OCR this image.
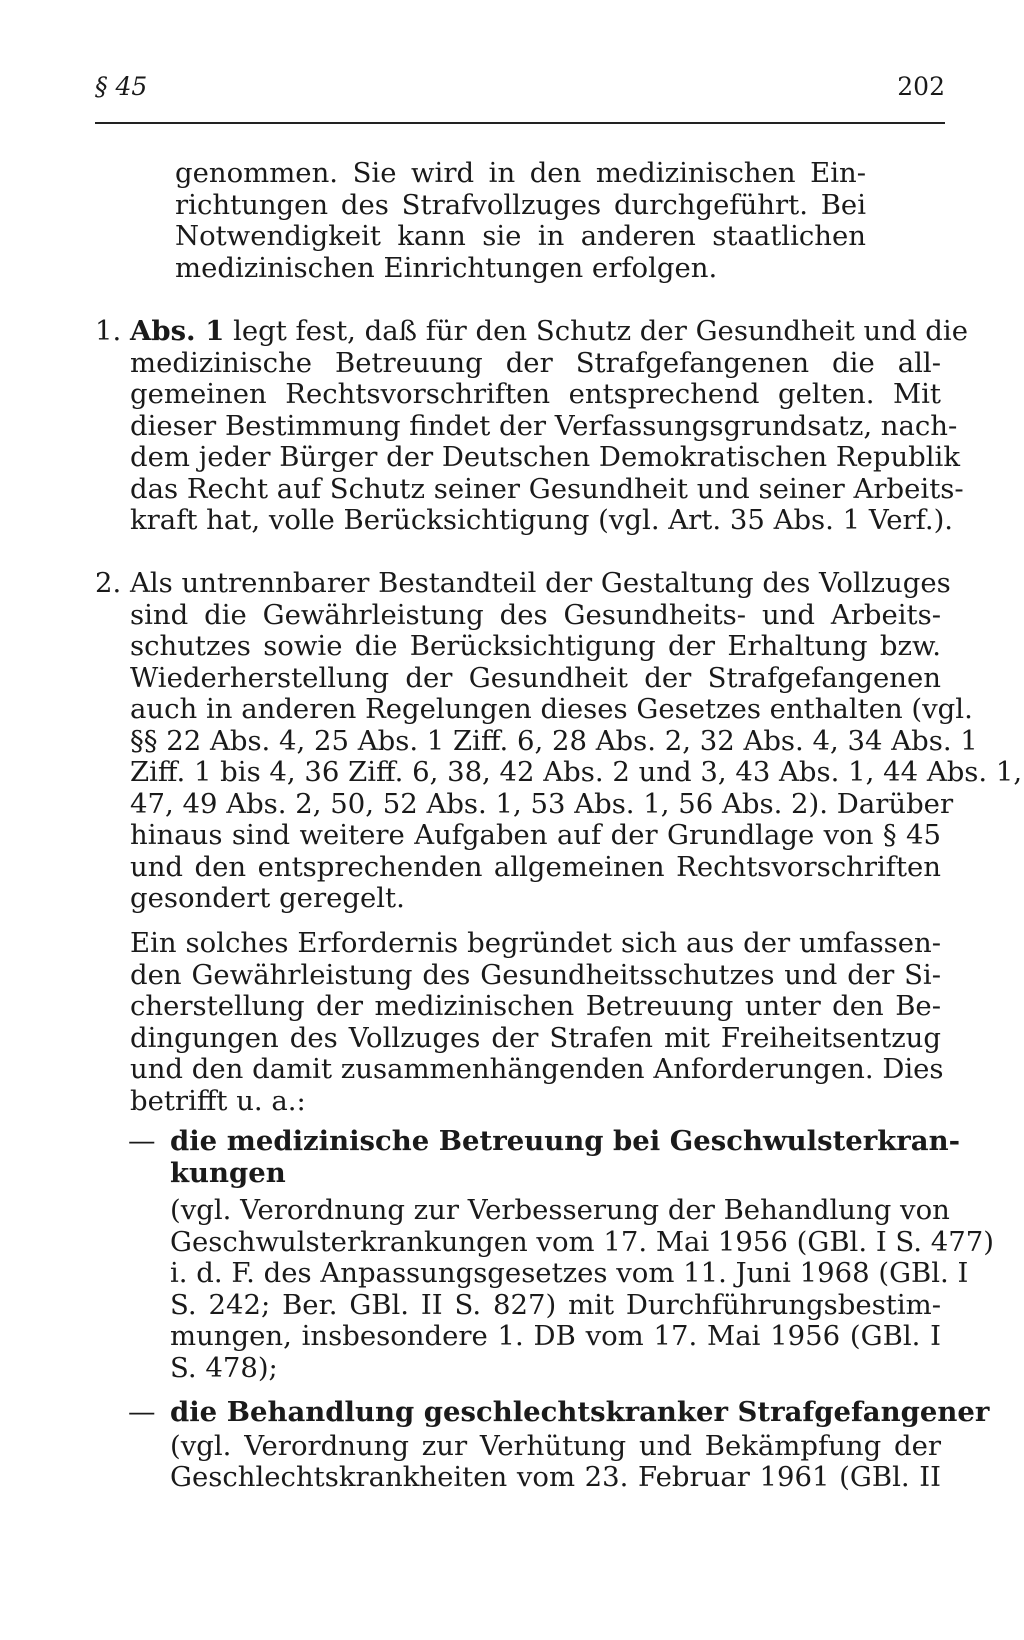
§ 45	202
genommen. Sie wird in den medizinischen Ein-
richtungen des Strafvollzuges durchgeführt. Bei
Notwendigkeit kann sie in anderen staatlichen
medizinischen Einrichtungen erfolgen.
1. Abs. 1 legt fest, daß für den Schutz der Gesundheit und die
medizinische Betreuung der Strafgefangenen die all-
gemeinen Rechtsvorschriften entsprechend gelten. Mit
dieser Bestimmung findet der Verfassungsgrundsatz, nach-
dem jeder Bürger der Deutschen Demokratischen Republik
das Recht auf Schutz seiner Gesundheit und seiner Arbeits-
kraft hat, volle Berücksichtigung (vgl. Art. 35 Abs. 1 Verf.).
2. Als untrennbarer Bestandteil der Gestaltung des Vollzuges
sind die Gewährleistung des Gesundheits- und Arbeits-
schutzes sowie die Berücksichtigung der Erhaltung bzw.
Wiederherstellung der Gesundheit der Strafgefangenen
auch in anderen Regelungen dieses Gesetzes enthalten (vgl.
§§ 22 Abs. 4, 25 Abs. 1 Ziff. 6, 28 Abs. 2, 32 Abs. 4, 34 Abs. 1
Ziff. 1 bis 4, 36 Ziff. 6, 38, 42 Abs. 2 und 3, 43 Abs. 1, 44 Abs. 1,
47, 49 Abs. 2, 50, 52 Abs. 1, 53 Abs. 1, 56 Abs. 2). Darüber
hinaus sind weitere Aufgaben auf der Grundlage von § 45
und den entsprechenden allgemeinen Rechtsvorschriften
gesondert geregelt.
Ein solches Erfordernis begründet sich aus der umfassen-
den Gewährleistung des Gesundheitsschutzes und der Si-
cherstellung der medizinischen Betreuung unter den Be-
dingungen des Vollzuges der Strafen mit Freiheitsentzug
und den damit zusammenhängenden Anforderungen. Dies
betrifft u. a.:
— die medizinische Betreuung bei Geschwulsterkran-
kungen
(vgl. Verordnung zur Verbesserung der Behandlung von
Geschwulsterkrankungen vom 17. Mai 1956 (GBl. I S. 477)
i. d. F. des Anpassungsgesetzes vom 11. Juni 1968 (GBl. I
S. 242; Ber. GBl. II S. 827) mit Durchführungsbestim-
mungen, insbesondere 1. DB vom 17. Mai 1956 (GBl. I
S. 478);
— die Behandlung geschlechtskranker Strafgefangener
(vgl. Verordnung zur Verhütung und Bekämpfung der
Geschlechtskrankheiten vom 23. Februar 1961 (GBl. II
